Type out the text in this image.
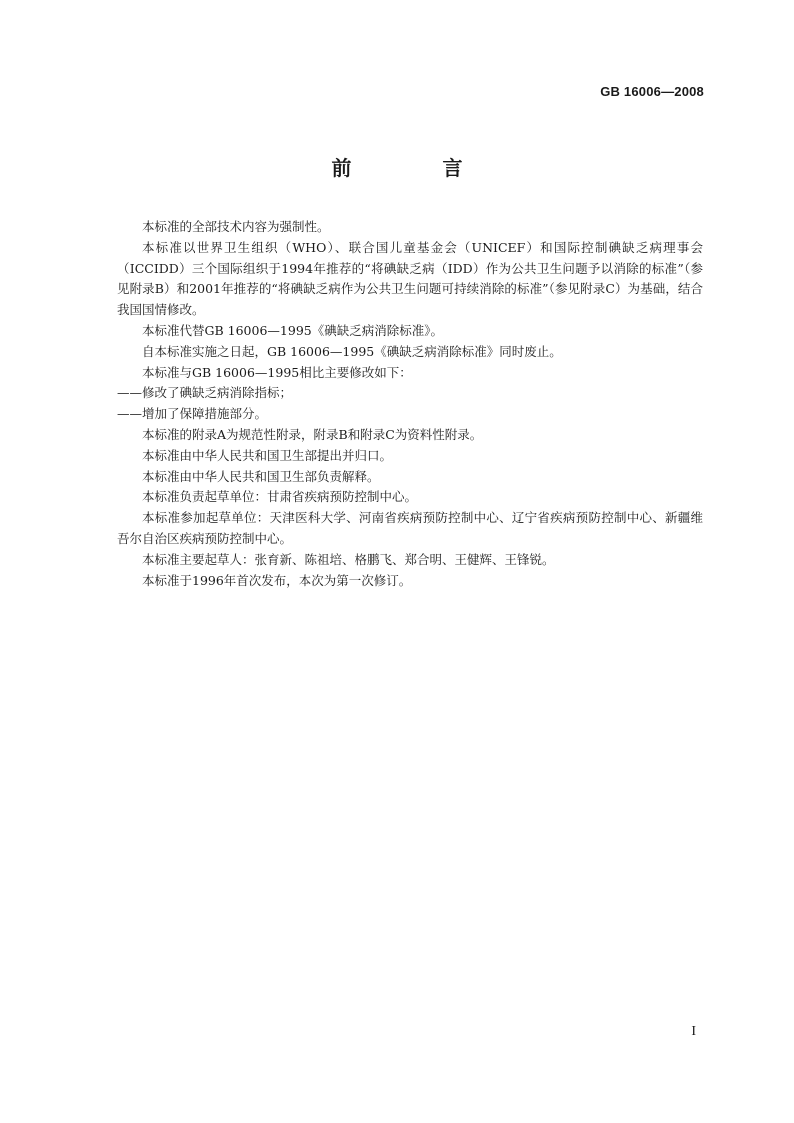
GB 16006—2008
前 言

本标准的全部技术内容为强制性。

本标准以世界卫生组织（WHO）、联合国儿童基金会（UNICEF）和国际控制碘缺乏病理事会（ICCIDD）三个国际组织于1994年推荐的“将碘缺乏病（IDD）作为公共卫生问题予以消除的标准”（参见附录B）和2001年推荐的“将碘缺乏病作为公共卫生问题可持续消除的标准”（参见附录C）为基础，结合我国国情修改。

本标准代替GB 16006—1995《碘缺乏病消除标准》。

自本标准实施之日起，GB 16006—1995《碘缺乏病消除标准》同时废止。

本标准与GB 16006—1995相比主要修改如下：

——修改了碘缺乏病消除指标；

——增加了保障措施部分。

本标准的附录A为规范性附录，附录B和附录C为资料性附录。

本标准由中华人民共和国卫生部提出并归口。

本标准由中华人民共和国卫生部负责解释。

本标准负责起草单位：甘肃省疾病预防控制中心。

本标准参加起草单位：天津医科大学、河南省疾病预防控制中心、辽宁省疾病预防控制中心、新疆维吾尔自治区疾病预防控制中心。

本标准主要起草人：张育新、陈祖培、格鹏飞、郑合明、王健辉、王锋锐。

本标准于1996年首次发布，本次为第一次修订。

I
